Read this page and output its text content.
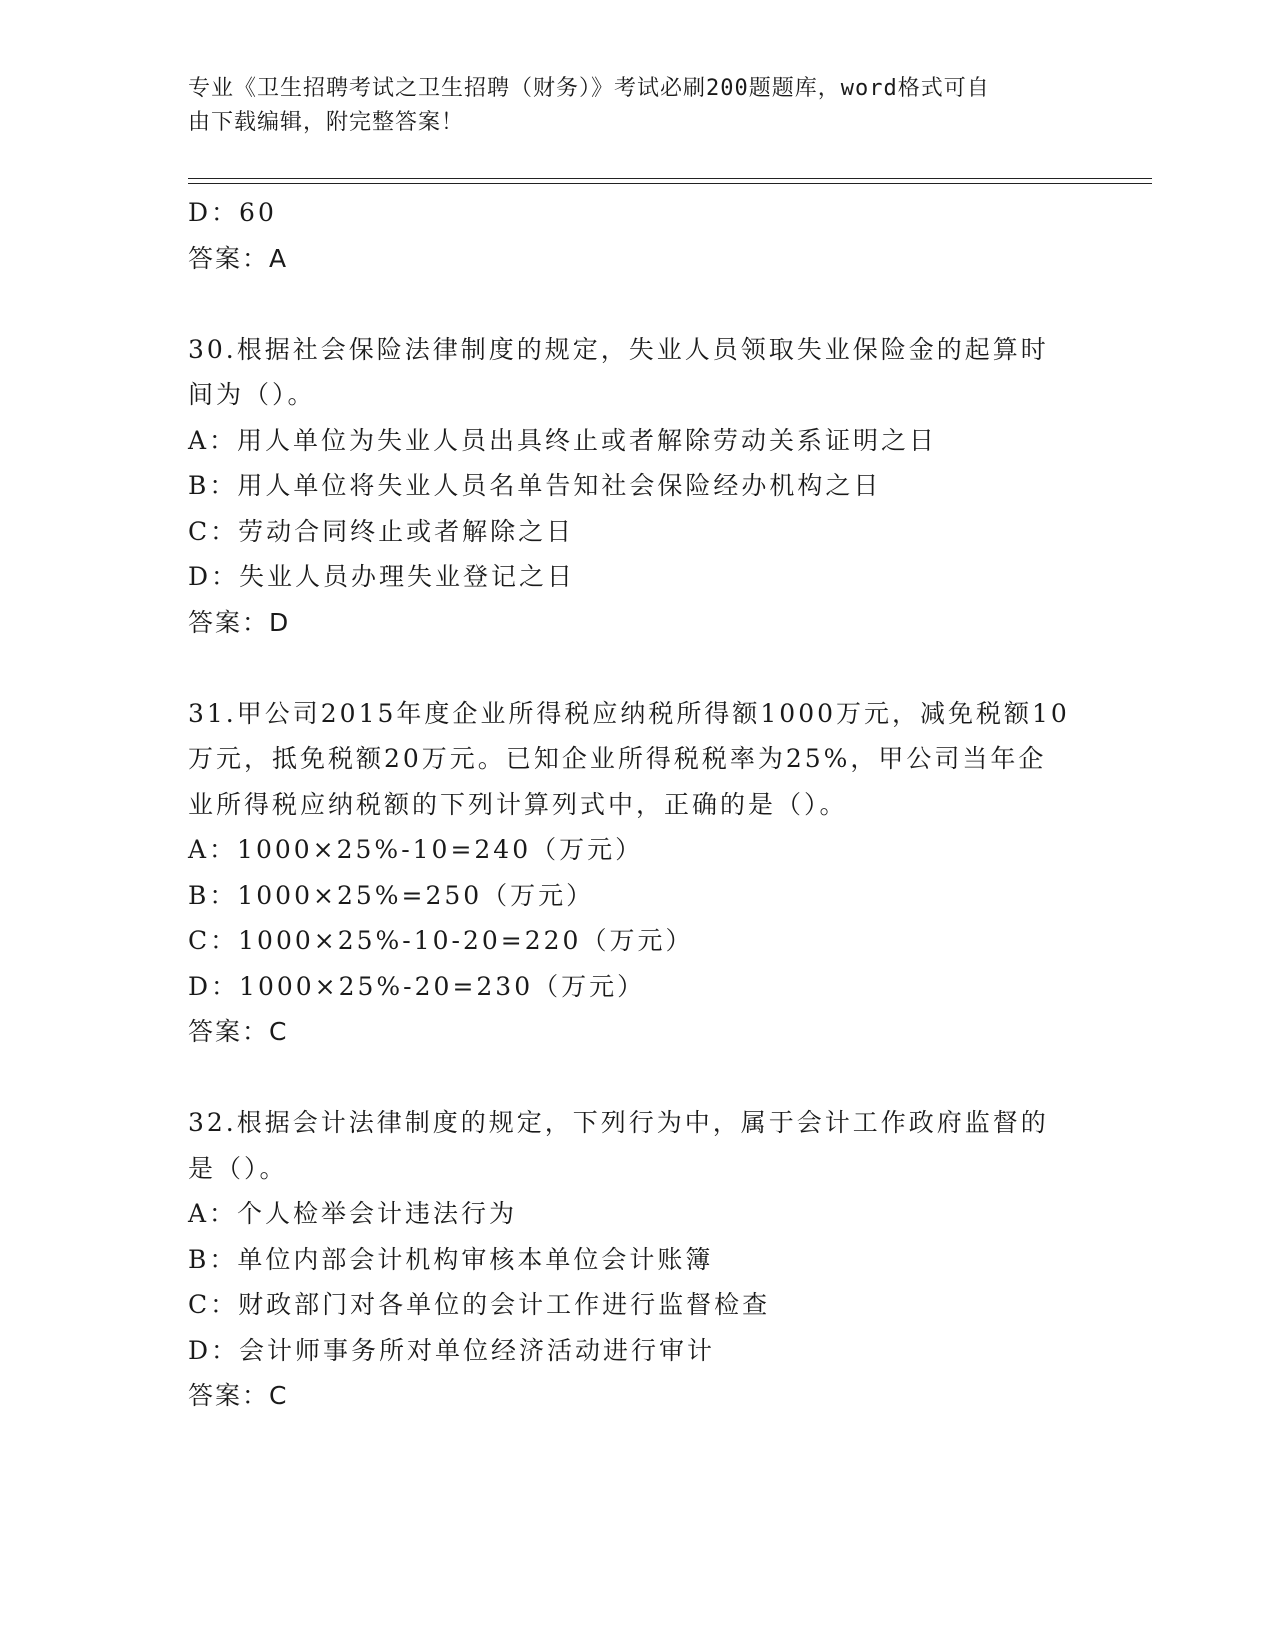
专业《卫生招聘考试之卫生招聘（财务）》考试必刷200题题库，word格式可自
由下载编辑，附完整答案！
D：60
答案：A
30.根据社会保险法律制度的规定，失业人员领取失业保险金的起算时
间为（）。
A：用人单位为失业人员出具终止或者解除劳动关系证明之日
B：用人单位将失业人员名单告知社会保险经办机构之日
C：劳动合同终止或者解除之日
D：失业人员办理失业登记之日
答案：D
31.甲公司2015年度企业所得税应纳税所得额1000万元，减免税额10
万元，抵免税额20万元。已知企业所得税税率为25%，甲公司当年企
业所得税应纳税额的下列计算列式中，正确的是（）。
A：1000×25%-10=240（万元）
B：1000×25%=250（万元）
C：1000×25%-10-20=220（万元）
D：1000×25%-20=230（万元）
答案：C
32.根据会计法律制度的规定，下列行为中，属于会计工作政府监督的
是（）。
A：个人检举会计违法行为
B：单位内部会计机构审核本单位会计账簿
C：财政部门对各单位的会计工作进行监督检查
D：会计师事务所对单位经济活动进行审计
答案：C
